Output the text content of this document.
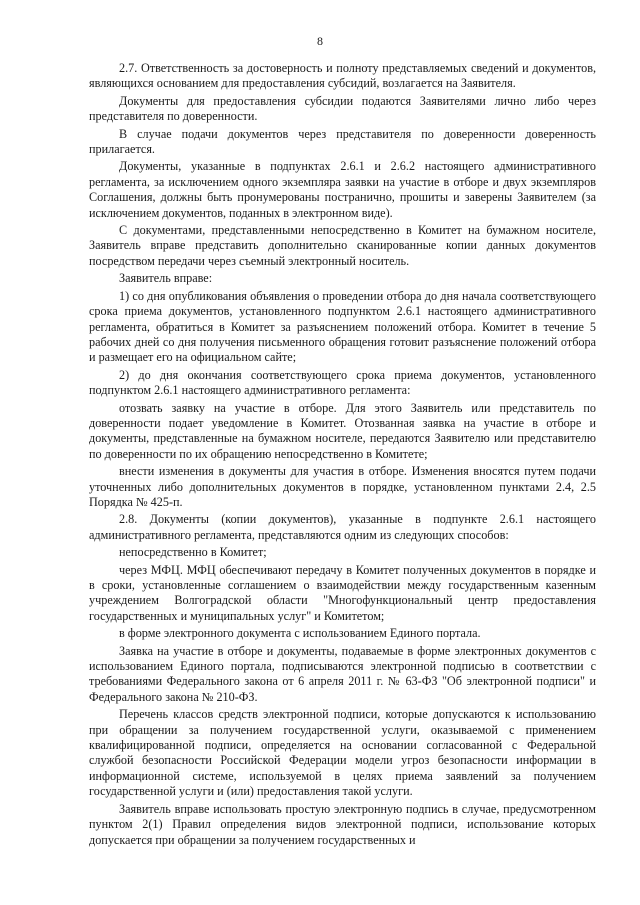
8

2.7. Ответственность за достоверность и полноту представляемых сведений и документов, являющихся основанием для предоставления субсидий, возлагается на Заявителя.

Документы для предоставления субсидии подаются Заявителями лично либо через представителя по доверенности.

В случае подачи документов через представителя по доверенности доверенность прилагается.

Документы, указанные в подпунктах 2.6.1 и 2.6.2 настоящего административного регламента, за исключением одного экземпляра заявки на участие в отборе и двух экземпляров Соглашения, должны быть пронумерованы постранично, прошиты и заверены Заявителем (за исключением документов, поданных в электронном виде).

С документами, представленными непосредственно в Комитет на бумажном носителе, Заявитель вправе представить дополнительно сканированные копии данных документов посредством передачи через съемный электронный носитель.

Заявитель вправе:

1) со дня опубликования объявления о проведении отбора до дня начала соответствующего срока приема документов, установленного подпунктом 2.6.1 настоящего административного регламента, обратиться в Комитет за разъяснением положений отбора. Комитет в течение 5 рабочих дней со дня получения письменного обращения готовит разъяснение положений отбора и размещает его на официальном сайте;

2) до дня окончания соответствующего срока приема документов, установленного подпунктом 2.6.1 настоящего административного регламента:

отозвать заявку на участие в отборе. Для этого Заявитель или представитель по доверенности подает уведомление в Комитет. Отозванная заявка на участие в отборе и документы, представленные на бумажном носителе, передаются Заявителю или представителю по доверенности по их обращению непосредственно в Комитете;

внести изменения в документы для участия в отборе. Изменения вносятся путем подачи уточненных либо дополнительных документов в порядке, установленном пунктами 2.4, 2.5 Порядка № 425-п.

2.8. Документы (копии документов), указанные в подпункте 2.6.1 настоящего административного регламента, представляются одним из следующих способов:

непосредственно в Комитет;

через МФЦ. МФЦ обеспечивают передачу в Комитет полученных документов в порядке и в сроки, установленные соглашением о взаимодействии между государственным казенным учреждением Волгоградской области "Многофункциональный центр предоставления государственных и муниципальных услуг" и Комитетом;

в форме электронного документа с использованием Единого портала.

Заявка на участие в отборе и документы, подаваемые в форме электронных документов с использованием Единого портала, подписываются электронной подписью в соответствии с требованиями Федерального закона от 6 апреля 2011 г. № 63-ФЗ "Об электронной подписи" и Федерального закона № 210-ФЗ.

Перечень классов средств электронной подписи, которые допускаются к использованию при обращении за получением государственной услуги, оказываемой с применением квалифицированной подписи, определяется на основании согласованной с Федеральной службой безопасности Российской Федерации модели угроз безопасности информации в информационной системе, используемой в целях приема заявлений за получением государственной услуги и (или) предоставления такой услуги.

Заявитель вправе использовать простую электронную подпись в случае, предусмотренном пунктом 2(1) Правил определения видов электронной подписи, использование которых допускается при обращении за получением государственных и
